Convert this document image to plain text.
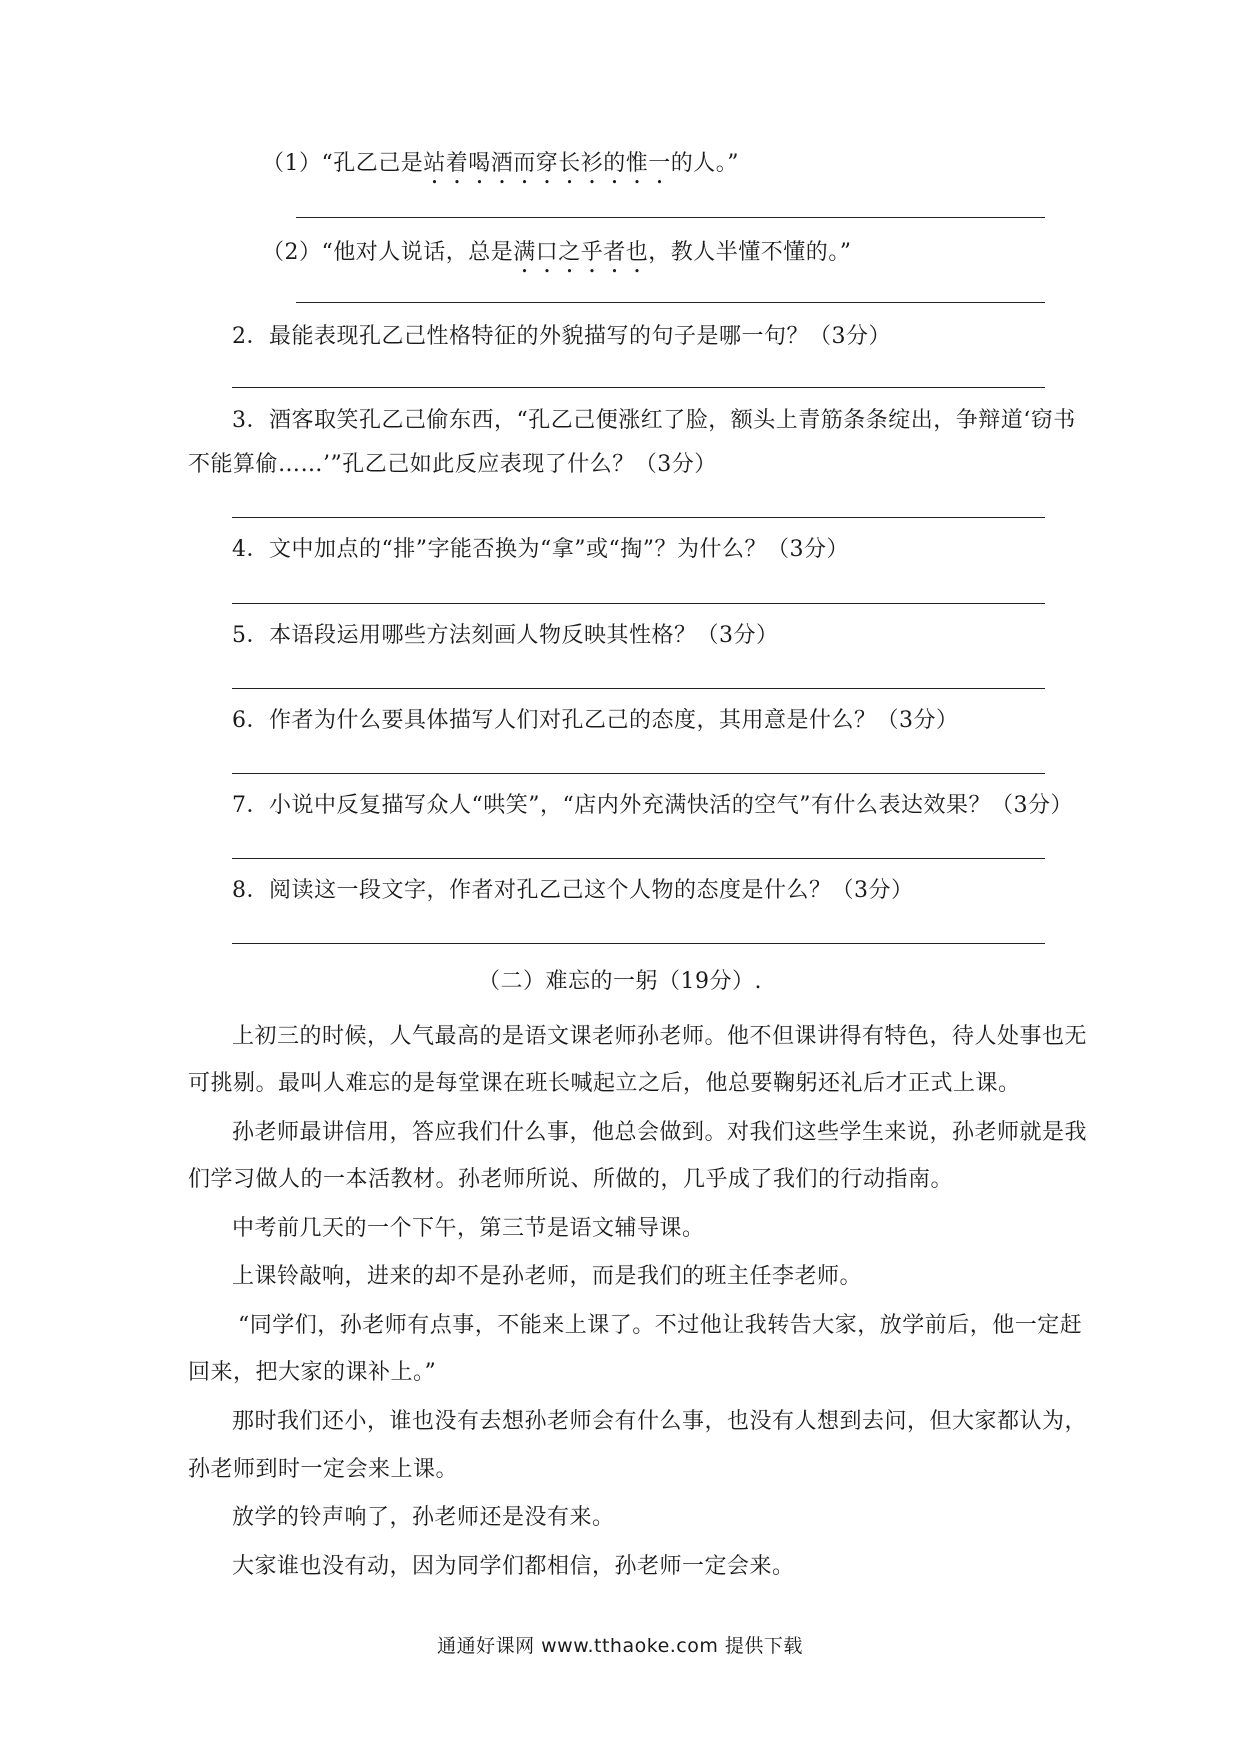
（1）“孔乙己是站着喝酒而穿长衫的惟一的人。”
（2）“他对人说话，总是满口之乎者也，教人半懂不懂的。”
2．最能表现孔乙己性格特征的外貌描写的句子是哪一句？（3分）
3．酒客取笑孔乙己偷东西，“孔乙己便涨红了脸，额头上青筋条条绽出，争辩道‘窃书
不能算偷……’”孔乙己如此反应表现了什么？（3分）
4．文中加点的“排”字能否换为“拿”或“掏”？为什么？（3分）
5．本语段运用哪些方法刻画人物反映其性格？（3分）
6．作者为什么要具体描写人们对孔乙己的态度，其用意是什么？（3分）
7．小说中反复描写众人“哄笑”，“店内外充满快活的空气”有什么表达效果？（3分）
8．阅读这一段文字，作者对孔乙己这个人物的态度是什么？（3分）
（二）难忘的一躬（19分）.
上初三的时候，人气最高的是语文课老师孙老师。他不但课讲得有特色，待人处事也无
可挑剔。最叫人难忘的是每堂课在班长喊起立之后，他总要鞠躬还礼后才正式上课。
孙老师最讲信用，答应我们什么事，他总会做到。对我们这些学生来说，孙老师就是我
们学习做人的一本活教材。孙老师所说、所做的，几乎成了我们的行动指南。
中考前几天的一个下午，第三节是语文辅导课。
上课铃敲响，进来的却不是孙老师，而是我们的班主任李老师。
“同学们，孙老师有点事，不能来上课了。不过他让我转告大家，放学前后，他一定赶
回来，把大家的课补上。”
那时我们还小，谁也没有去想孙老师会有什么事，也没有人想到去问，但大家都认为，
孙老师到时一定会来上课。
放学的铃声响了，孙老师还是没有来。
大家谁也没有动，因为同学们都相信，孙老师一定会来。
通通好课网 www.tthaoke.com 提供下载
